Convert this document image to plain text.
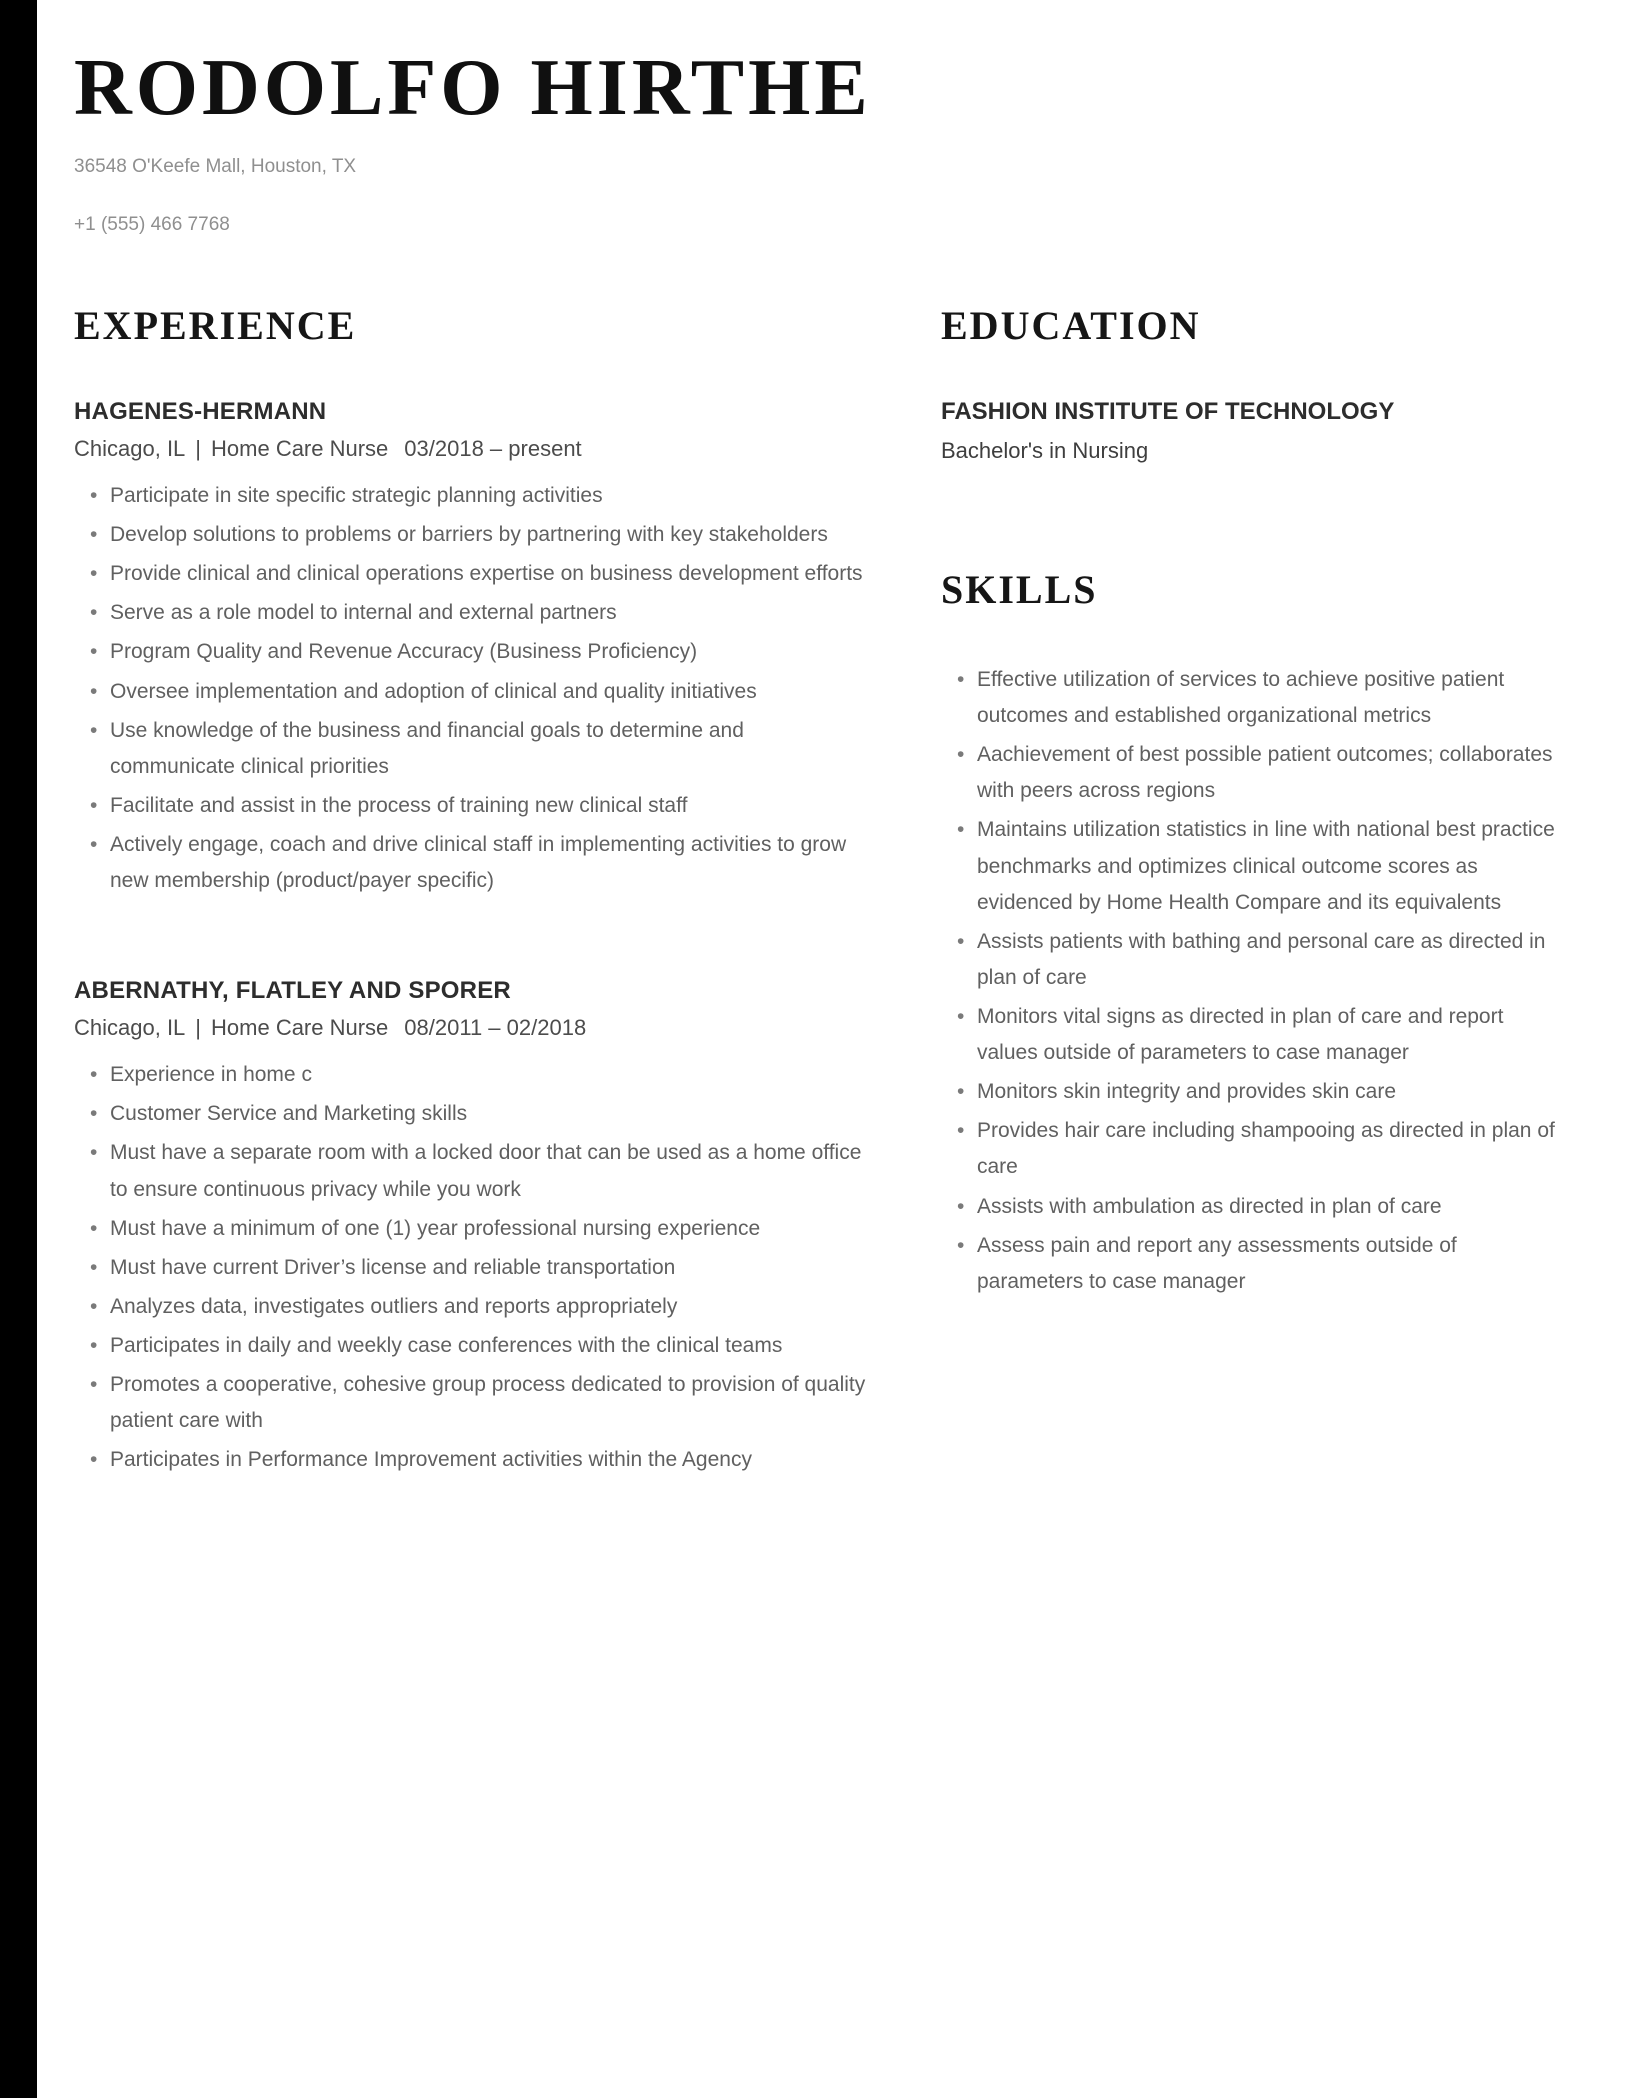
RODOLFO HIRTHE

36548 O'Keefe Mall, Houston, TX

+1 (555) 466 7768

EXPERIENCE
HAGENES-HERMANN

Chicago, IL | Home Care Nurse 03/2018 – present

• Participate in site specific strategic planning activities
• Develop solutions to problems or barriers by partnering with key stakeholders
• Provide clinical and clinical operations expertise on business development efforts
• Serve as a role model to internal and external partners
• Program Quality and Revenue Accuracy (Business Proficiency)
• Oversee implementation and adoption of clinical and quality initiatives
• Use knowledge of the business and financial goals to determine and communicate clinical priorities
• Facilitate and assist in the process of training new clinical staff
• Actively engage, coach and drive clinical staff in implementing activities to grow new membership (product/payer specific)
ABERNATHY, FLATLEY AND SPORER

Chicago, IL | Home Care Nurse 08/2011 – 02/2018

• Experience in home c
• Customer Service and Marketing skills
• Must have a separate room with a locked door that can be used as a home office to ensure continuous privacy while you work
• Must have a minimum of one (1) year professional nursing experience
• Must have current Driver’s license and reliable transportation
• Analyzes data, investigates outliers and reports appropriately
• Participates in daily and weekly case conferences with the clinical teams
• Promotes a cooperative, cohesive group process dedicated to provision of quality patient care with
• Participates in Performance Improvement activities within the Agency
EDUCATION
FASHION INSTITUTE OF TECHNOLOGY

Bachelor's in Nursing

SKILLS
• Effective utilization of services to achieve positive patient outcomes and established organizational metrics
• Aachievement of best possible patient outcomes; collaborates with peers across regions
• Maintains utilization statistics in line with national best practice benchmarks and optimizes clinical outcome scores as evidenced by Home Health Compare and its equivalents
• Assists patients with bathing and personal care as directed in plan of care
• Monitors vital signs as directed in plan of care and report values outside of parameters to case manager
• Monitors skin integrity and provides skin care
• Provides hair care including shampooing as directed in plan of care
• Assists with ambulation as directed in plan of care
• Assess pain and report any assessments outside of parameters to case manager
